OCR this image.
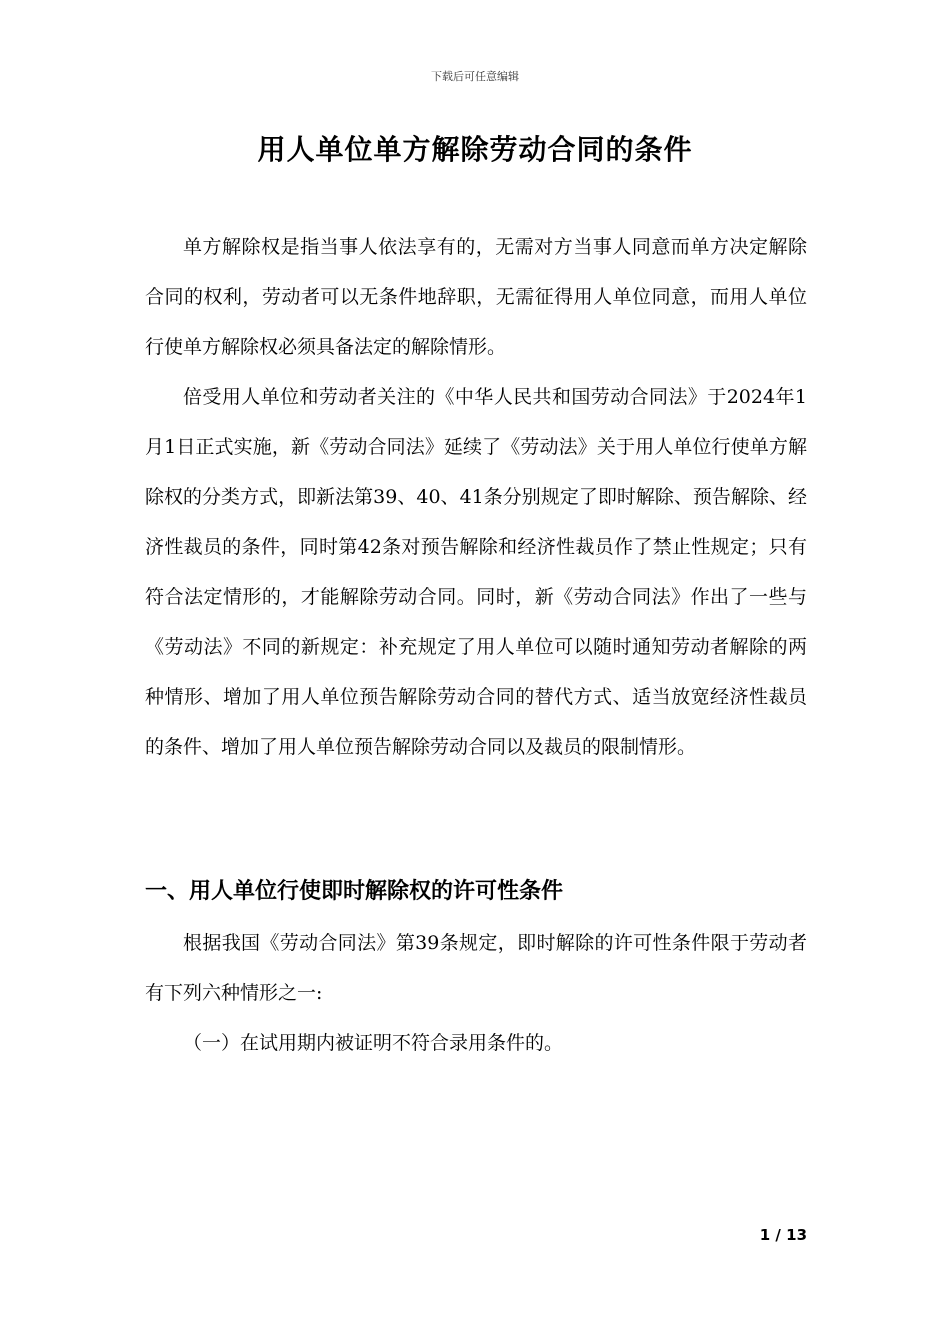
下载后可任意编辑
用人单位单方解除劳动合同的条件

单方解除权是指当事人依法享有的，无需对方当事人同意而单方决定解除合同的权利，劳动者可以无条件地辞职，无需征得用人单位同意，而用人单位行使单方解除权必须具备法定的解除情形。

倍受用人单位和劳动者关注的《中华人民共和国劳动合同法》于2024年1月1日正式实施，新《劳动合同法》延续了《劳动法》关于用人单位行使单方解除权的分类方式，即新法第39、40、41条分别规定了即时解除、预告解除、经济性裁员的条件，同时第42条对预告解除和经济性裁员作了禁止性规定；只有符合法定情形的，才能解除劳动合同。同时，新《劳动合同法》作出了一些与《劳动法》不同的新规定：补充规定了用人单位可以随时通知劳动者解除的两种情形、增加了用人单位预告解除劳动合同的替代方式、适当放宽经济性裁员的条件、增加了用人单位预告解除劳动合同以及裁员的限制情形。

一、用人单位行使即时解除权的许可性条件

根据我国《劳动合同法》第39条规定，即时解除的许可性条件限于劳动者有下列六种情形之一:

（一）在试用期内被证明不符合录用条件的。

1 / 13
